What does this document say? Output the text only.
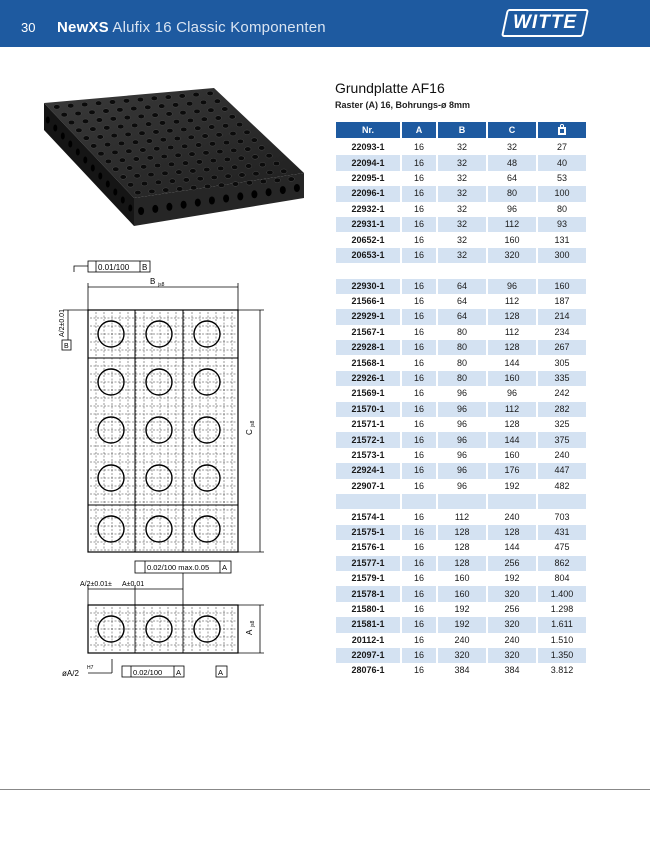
30 NewXS Alufix 16 Classic Komponenten	WITTE
0.01/100 B
B js8
A/2±0.01
B
C
js8
0.02/100 max.0.05 A
A/2±0.01± A±0.01
A
js8
øA/2
H7	0.02/100 A	A
Grundplatte AF16
Raster (A) 16, Bohrungs-ø 8mm
Nr.	A	B	C	
22093-1	16	32	32	27
22094-1	16	32	48	40
22095-1	16	32	64	53
22096-1	16	32	80	100
22932-1	16	32	96	80
22931-1	16	32	112	93
20652-1	16	32	160	131
20653-1	16	32	320	300

22930-1	16	64	96	160
21566-1	16	64	112	187
22929-1	16	64	128	214
21567-1	16	80	112	234
22928-1	16	80	128	267
21568-1	16	80	144	305
22926-1	16	80	160	335
21569-1	16	96	96	242
21570-1	16	96	112	282
21571-1	16	96	128	325
21572-1	16	96	144	375
21573-1	16	96	160	240
22924-1	16	96	176	447
22907-1	16	96	192	482

21574-1	16	112	240	703
21575-1	16	128	128	431
21576-1	16	128	144	475
21577-1	16	128	256	862
21579-1	16	160	192	804
21578-1	16	160	320	1.400
21580-1	16	192	256	1.298
21581-1	16	192	320	1.611
20112-1	16	240	240	1.510
22097-1	16	320	320	1.350
28076-1	16	384	384	3.812
